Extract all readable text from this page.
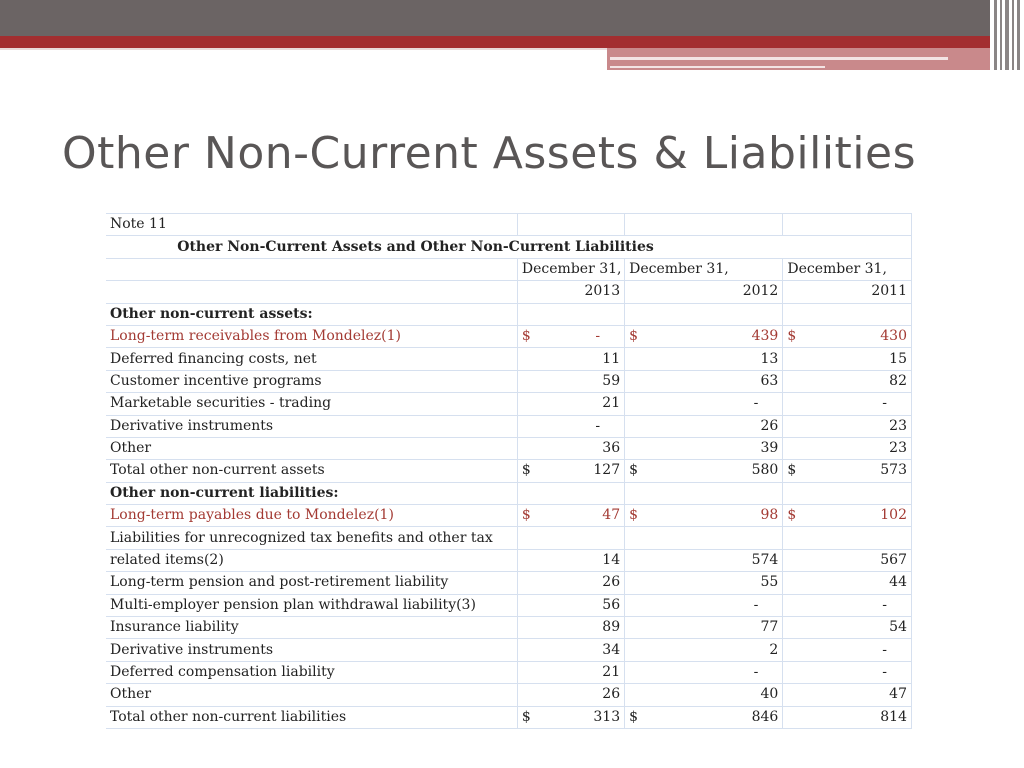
Other Non-Current Assets & Liabilities
Note 11			
Other Non-Current Assets and Other Non-Current Liabilities			
	December 31,	December 31,	December 31,
	2013	2012	2011
Other non-current assets:			
Long-term receivables from Mondelez(1)	$ -	$ 439	$ 430

Deferred financing costs, net	11	13	15

Customer incentive programs	59	63	82

Marketable securities - trading	21	-	-

Derivative instruments	-	26	23

Other	36	39	23

Total other non-current assets	$ 127	$ 580	$ 573

Other non-current liabilities:			
Long-term payables due to Mondelez(1)	$ 47	$ 98	$ 102

Liabilities for unrecognized tax benefits and other tax	

related items(2)	14	574	567

Long-term pension and post-retirement liability	26	55	44

Multi-employer pension plan withdrawal liability(3)	56	-	-

Insurance liability	89	77	54

Derivative instruments	34	2	-

Deferred compensation liability	21	-	-

Other	26	40	47

Total other non-current liabilities	$ 313	$ 846	814
